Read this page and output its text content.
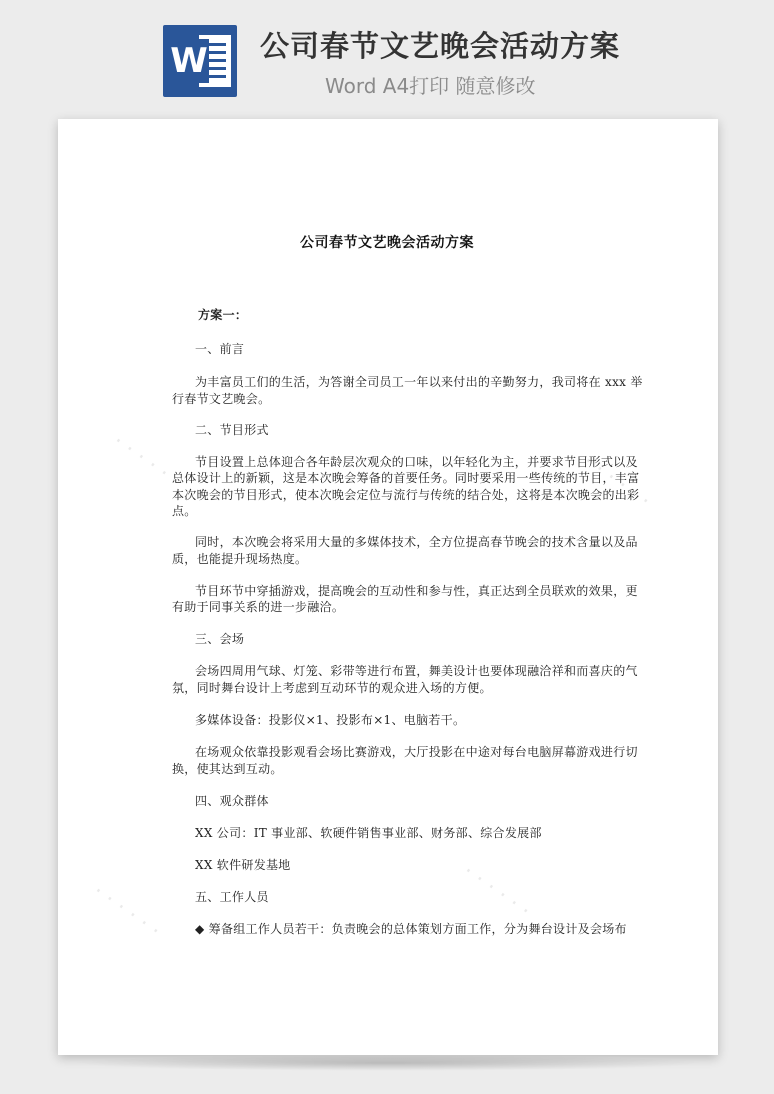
W 公司春节文艺晚会活动方案
Word A4打印 随意修改
· · · · · ·	· · · · · ·
· · · · · ·	· · · · · ·
公司春节文艺晚会活动方案
方案一：
一、前言
为丰富员工们的生活，为答谢全司员工一年以来付出的辛勤努力，我司将在 xxx 举
行春节文艺晚会。
二、节目形式
节目设置上总体迎合各年龄层次观众的口味，以年轻化为主，并要求节目形式以及
总体设计上的新颖，这是本次晚会筹备的首要任务。同时要采用一些传统的节目，丰富
本次晚会的节目形式，使本次晚会定位与流行与传统的结合处，这将是本次晚会的出彩
点。
同时，本次晚会将采用大量的多媒体技术，全方位提高春节晚会的技术含量以及品
质，也能提升现场热度。
节目环节中穿插游戏，提高晚会的互动性和参与性，真正达到全员联欢的效果，更
有助于同事关系的进一步融洽。
三、会场
会场四周用气球、灯笼、彩带等进行布置，舞美设计也要体现融洽祥和而喜庆的气
氛，同时舞台设计上考虑到互动环节的观众进入场的方便。
多媒体设备：投影仪×1、投影布×1、电脑若干。
在场观众依靠投影观看会场比赛游戏，大厅投影在中途对每台电脑屏幕游戏进行切
换，使其达到互动。
四、观众群体
XX 公司：IT 事业部、软硬件销售事业部、财务部、综合发展部
XX 软件研发基地
五、工作人员
◆ 筹备组工作人员若干：负责晚会的总体策划方面工作，分为舞台设计及会场布
